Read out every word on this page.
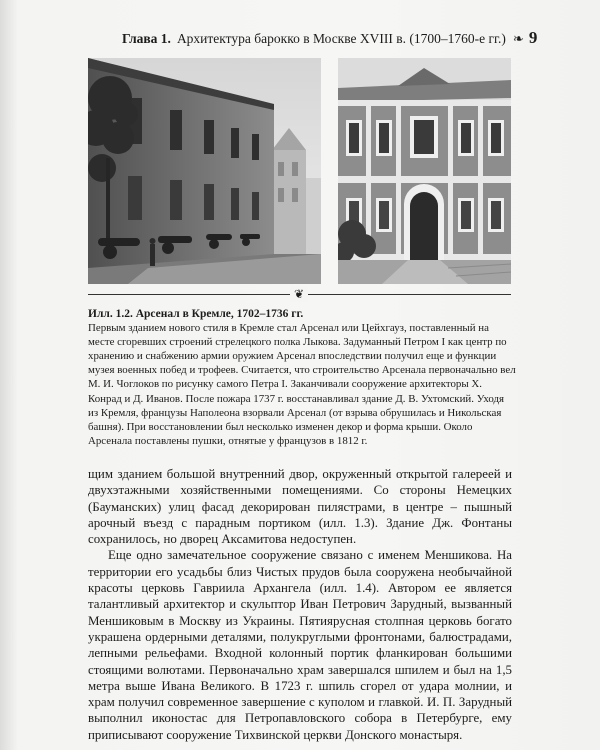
Глава 1. Архитектура барокко в Москве XVIII в. (1700–1760-е гг.) ❧ 9
❦

Илл. 1.2. Арсенал в Кремле, 1702–1736 гг.
Первым зданием нового стиля в Кремле стал Арсенал или Цейхгауз, поставленный на месте сгоревших строений стрелецкого полка Лыкова. Задуманный Петром I как центр по хранению и снабжению армии оружием Арсенал впоследствии получил еще и функции музея военных побед и трофеев. Считается, что строительство Арсенала первоначально вел М. И. Чоглоков по рисунку самого Петра I. Заканчивали сооружение архитекторы Х. Конрад и Д. Иванов. После пожара 1737 г. восстанавливал здание Д. В. Ухтомский. Уходя из Кремля, французы Наполеона взорвали Арсенал (от взрыва обрушилась и Никольская башня). При восстановлении был несколько изменен декор и форма крыши. Около Арсенала поставлены пушки, отнятые у французов в 1812 г.

щим зданием большой внутренний двор, окруженный открытой галереей и двухэтажными хозяйственными помещениями. Со стороны Немецких (Бауманских) улиц фасад декорирован пилястрами, в центре – пышный арочный въезд с парадным портиком (илл. 1.3). Здание Дж. Фонтаны сохранилось, но дворец Аксамитова недоступен.

Еще одно замечательное сооружение связано с именем Меншикова. На территории его усадьбы близ Чистых прудов была сооружена необычайной красоты церковь Гавриила Архангела (илл. 1.4). Автором ее является талантливый архитектор и скульптор Иван Петрович Зарудный, вызванный Меншиковым в Москву из Украины. Пятиярусная столпная церковь богато украшена ордерными деталями, полукруглыми фронтонами, балюстрадами, лепными рельефами. Входной колонный портик фланкирован большими стоящими волютами. Первоначально храм завершался шпилем и был на 1,5 метра выше Ивана Великого. В 1723 г. шпиль сгорел от удара молнии, и храм получил современное завершение с куполом и главкой. И. П. Зарудный выполнил иконостас для Петропавловского собора в Петербурге, ему приписывают сооружение Тихвинской церкви Донского монастыря.
